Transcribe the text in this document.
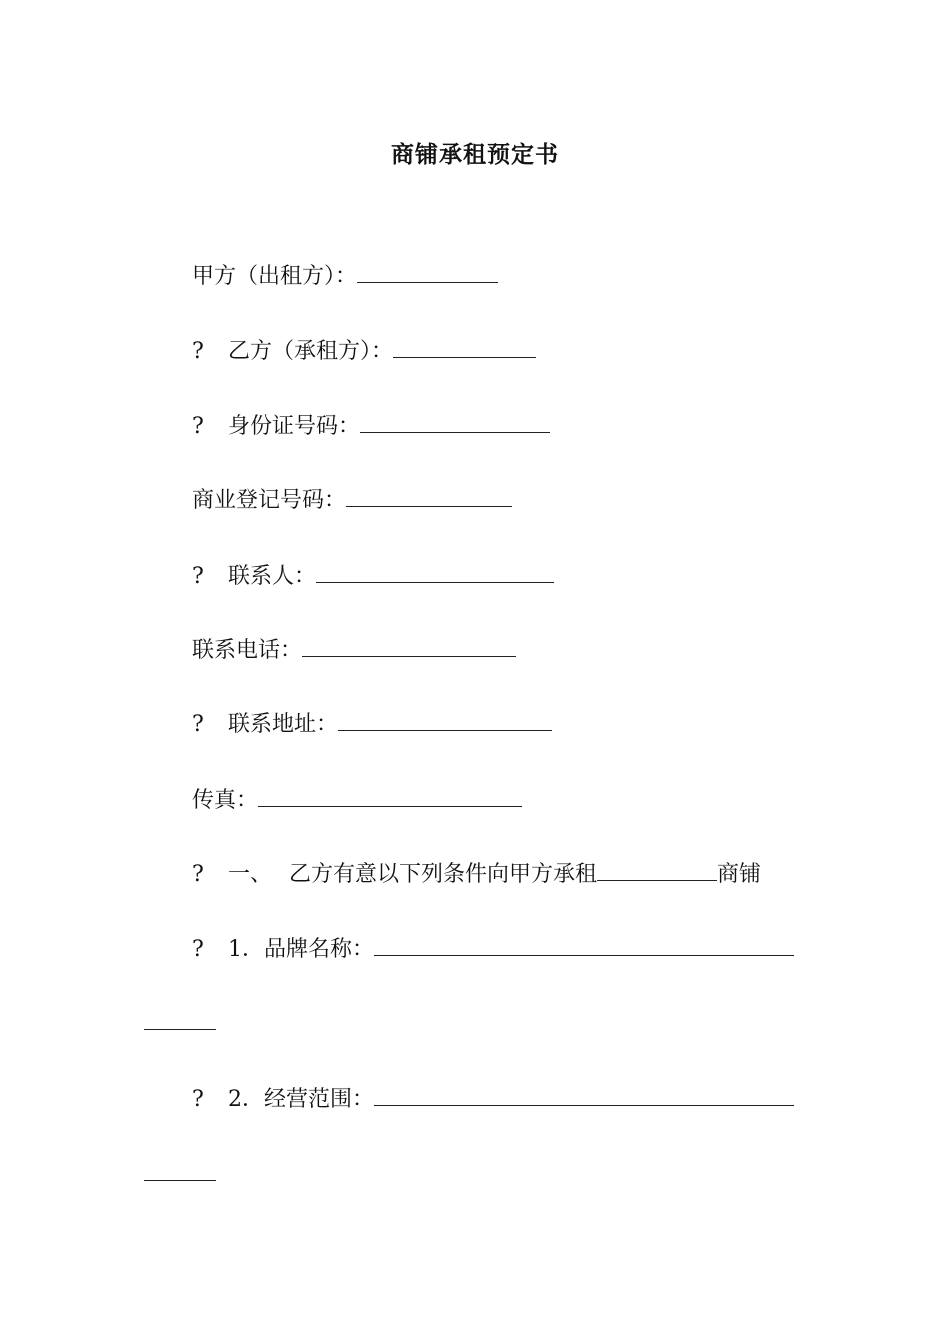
商铺承租预定书
甲方（出租方）：
? 乙方（承租方）：
? 身份证号码：
商业登记号码：
? 联系人：
联系电话：
? 联系地址：
传真：
? 一、 乙方有意以下列条件向甲方承租	商铺
? 1．品牌名称：
? 2．经营范围：
